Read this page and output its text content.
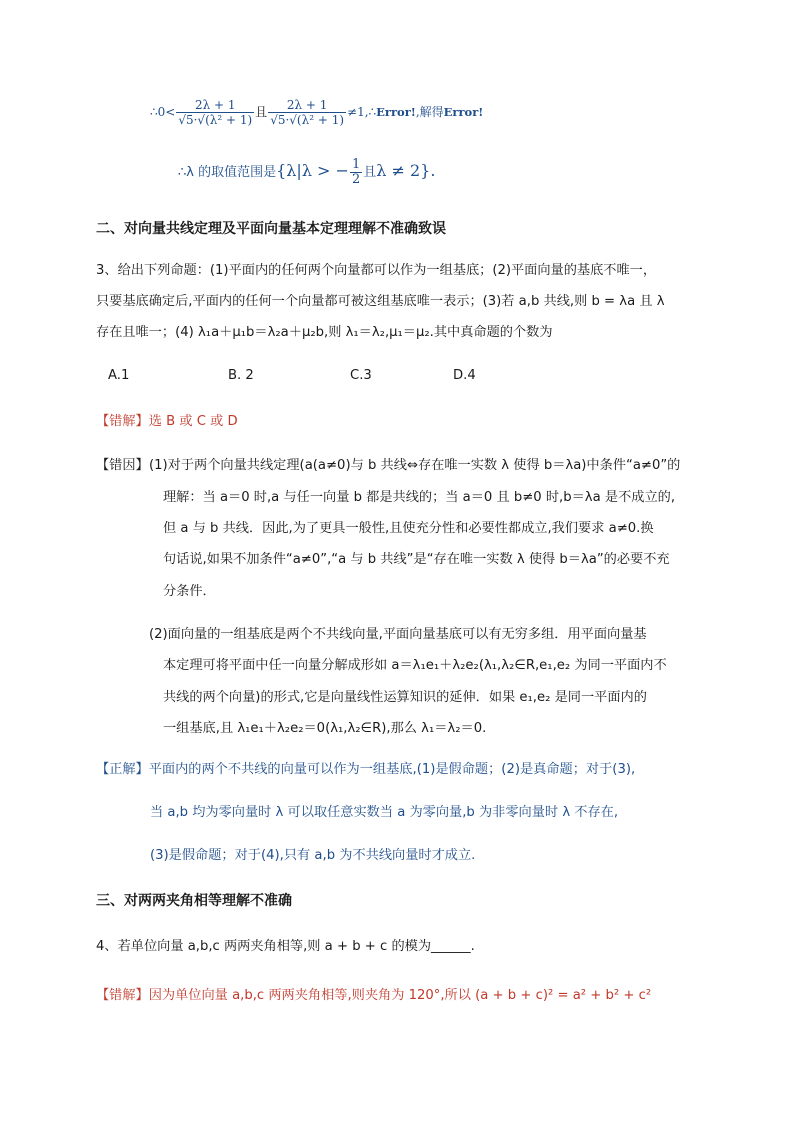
∴0< $\frac{2\lambda + 1}{\text{√5·√(λ² + 1)}}$ 且 $\frac{2\lambda + 1}{\text{√5·√(λ² + 1)}}$ ≠1,∴Error!,解得Error!
∴λ 的取值范围是{λ|λ > − $\frac{1}{2}$ 且λ ≠ 2}.
二、对向量共线定理及平面向量基本定理理解不准确致误
3、给出下列命题：(1)平面内的任何两个向量都可以作为一组基底；(2)平面向量的基底不唯一，
只要基底确定后,平面内的任何一个向量都可被这组基底唯一表示；(3)若 a,b 共线,则 b = λa 且 λ
存在且唯一；(4) λ₁a＋μ₁b＝λ₂a＋μ₂b,则 λ₁＝λ₂,μ₁＝μ₂.其中真命题的个数为
A.1	B. 2	C.3	D.4
【错解】选 B 或 C 或 D
【错因】 (1)对于两个向量共线定理(a(a≠0)与 b 共线⇔存在唯一实数 λ 使得 b＝λa)中条件“a≠0”的
理解：当 a＝0 时,a 与任一向量 b 都是共线的；当 a＝0 且 b≠0 时,b＝λa 是不成立的,
但 a 与 b 共线．因此,为了更具一般性,且使充分性和必要性都成立,我们要求 a≠0.换
句话说,如果不加条件“a≠0”,“a 与 b 共线”是“存在唯一实数 λ 使得 b＝λa”的必要不充
分条件．
(2)面向量的一组基底是两个不共线向量,平面向量基底可以有无穷多组．用平面向量基
本定理可将平面中任一向量分解成形如 a＝λ₁e₁＋λ₂e₂(λ₁,λ₂∈R,e₁,e₂ 为同一平面内不
共线的两个向量)的形式,它是向量线性运算知识的延伸．如果 e₁,e₂ 是同一平面内的
一组基底,且 λ₁e₁＋λ₂e₂＝0(λ₁,λ₂∈R),那么 λ₁＝λ₂＝0.
【正解】平面内的两个不共线的向量可以作为一组基底,(1)是假命题；(2)是真命题；对于(3),
当 a,b 均为零向量时 λ 可以取任意实数当 a 为零向量,b 为非零向量时 λ 不存在,
(3)是假命题；对于(4),只有 a,b 为不共线向量时才成立.
三、对两两夹角相等理解不准确
4、若单位向量 a,b,c 两两夹角相等,则 a + b + c 的模为______.
【错解】因为单位向量 a,b,c 两两夹角相等,则夹角为 120°,所以 (a + b + c)² = a² + b² + c²
